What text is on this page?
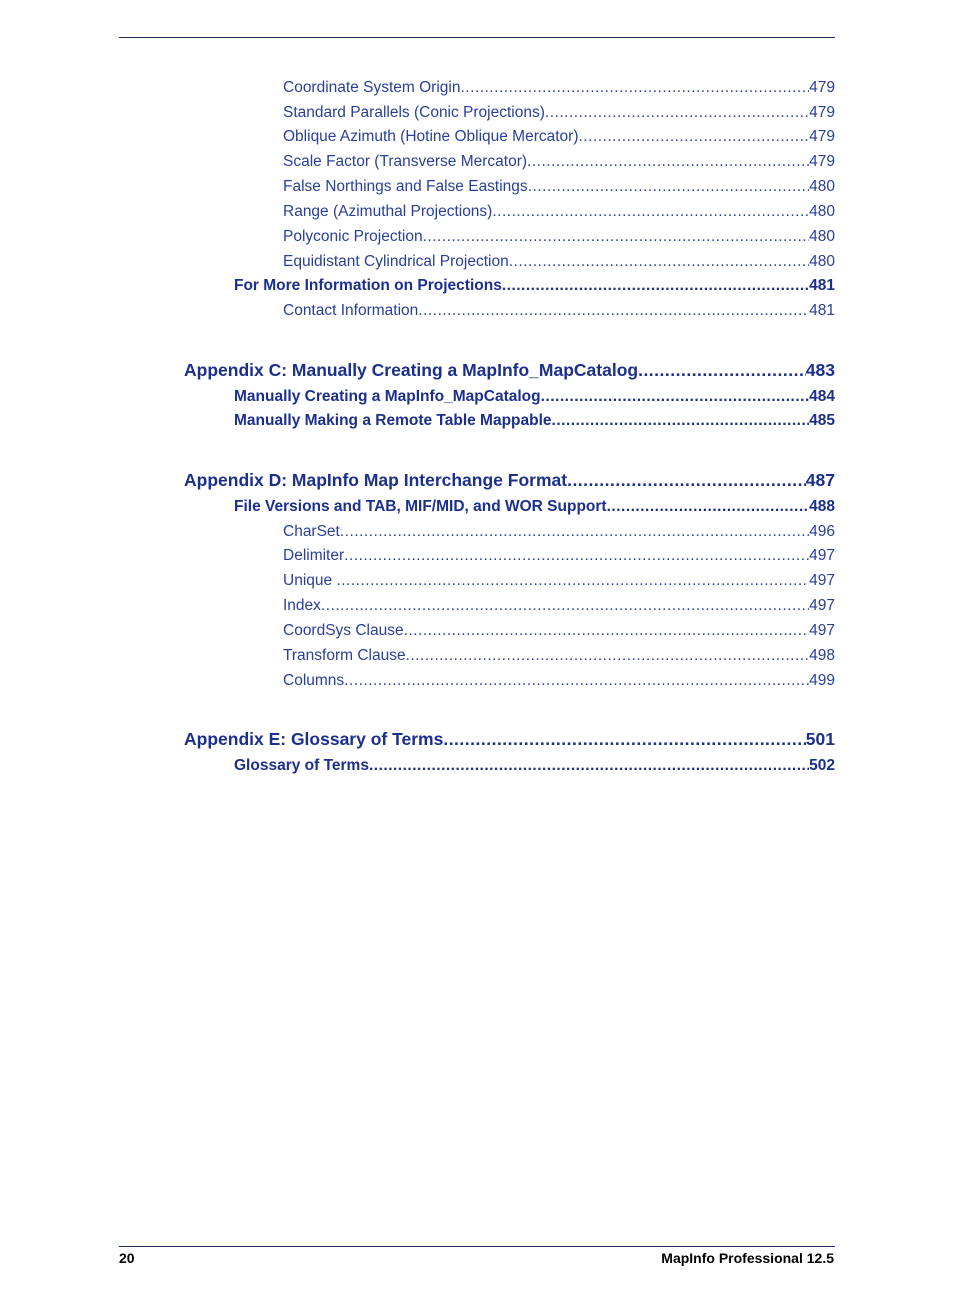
Coordinate System Origin .....	479
Standard Parallels (Conic Projections) .....	479
Oblique Azimuth (Hotine Oblique Mercator) .....	479
Scale Factor (Transverse Mercator) .....	479
False Northings and False Eastings .....	480
Range (Azimuthal Projections) .....	480
Polyconic Projection .....	480
Equidistant Cylindrical Projection .....	480
For More Information on Projections .....	481
Contact Information .....	481
Appendix C: Manually Creating a MapInfo_MapCatalog .....	483
Manually Creating a MapInfo_MapCatalog .....	484
Manually Making a Remote Table Mappable .....	485
Appendix D: MapInfo Map Interchange Format .....	487
File Versions and TAB, MIF/MID, and WOR Support .....	488
CharSet .....	496
Delimiter .....	497
Unique .....	497
Index .....	497
CoordSys Clause .....	497
Transform Clause .....	498
Columns .....	499
Appendix E: Glossary of Terms .....	501
Glossary of Terms .....	502
20	MapInfo Professional 12.5
